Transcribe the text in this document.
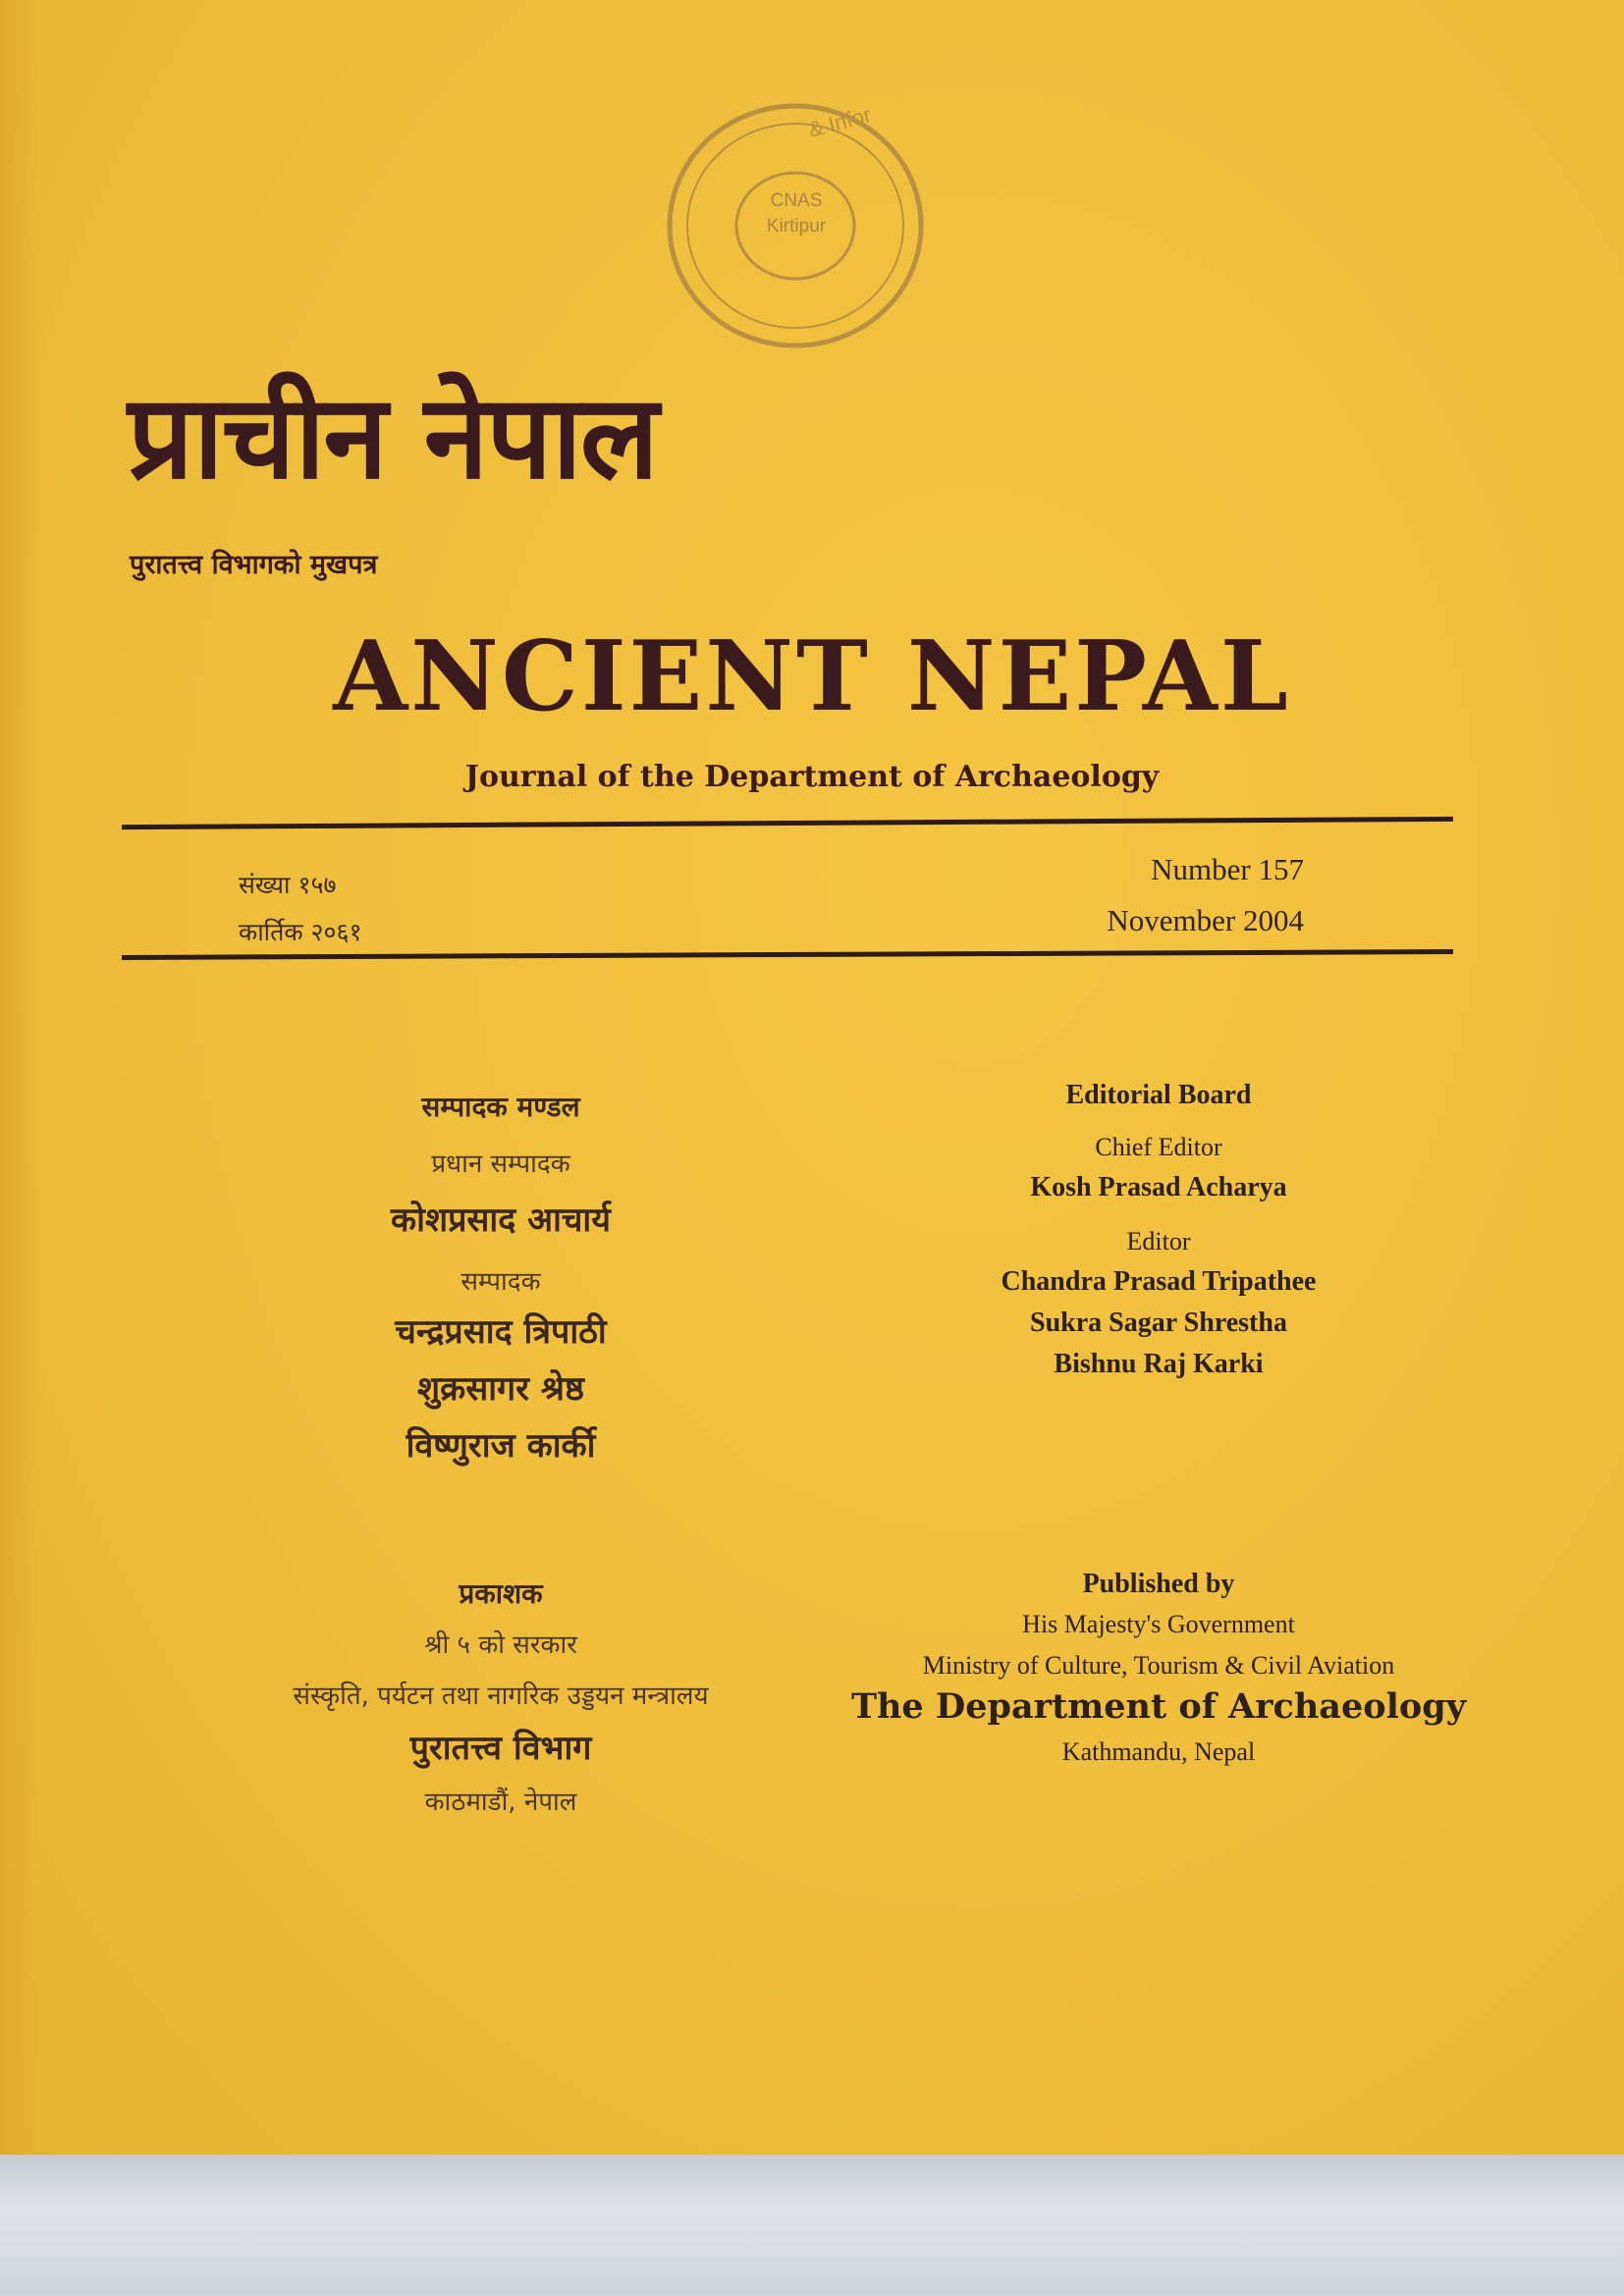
& Infor
CNAS
Kirtipur
प्राचीन नेपाल
पुरातत्त्व विभागको मुखपत्र
ANCIENT NEPAL
Journal of the Department of Archaeology
संख्या १५७
कार्तिक २०६१
Number 157
November 2004
सम्पादक मण्डल
प्रधान सम्पादक
कोशप्रसाद आचार्य
सम्पादक
चन्द्रप्रसाद त्रिपाठी
शुक्रसागर श्रेष्ठ
विष्णुराज कार्की
Editorial Board
Chief Editor
Kosh Prasad Acharya
Editor
Chandra Prasad Tripathee
Sukra Sagar Shrestha
Bishnu Raj Karki
प्रकाशक
श्री ५ को सरकार
संस्कृति, पर्यटन तथा नागरिक उड्डयन मन्त्रालय
पुरातत्त्व विभाग
काठमाडौं, नेपाल
Published by
His Majesty's Government
Ministry of Culture, Tourism & Civil Aviation
The Department of Archaeology
Kathmandu, Nepal
